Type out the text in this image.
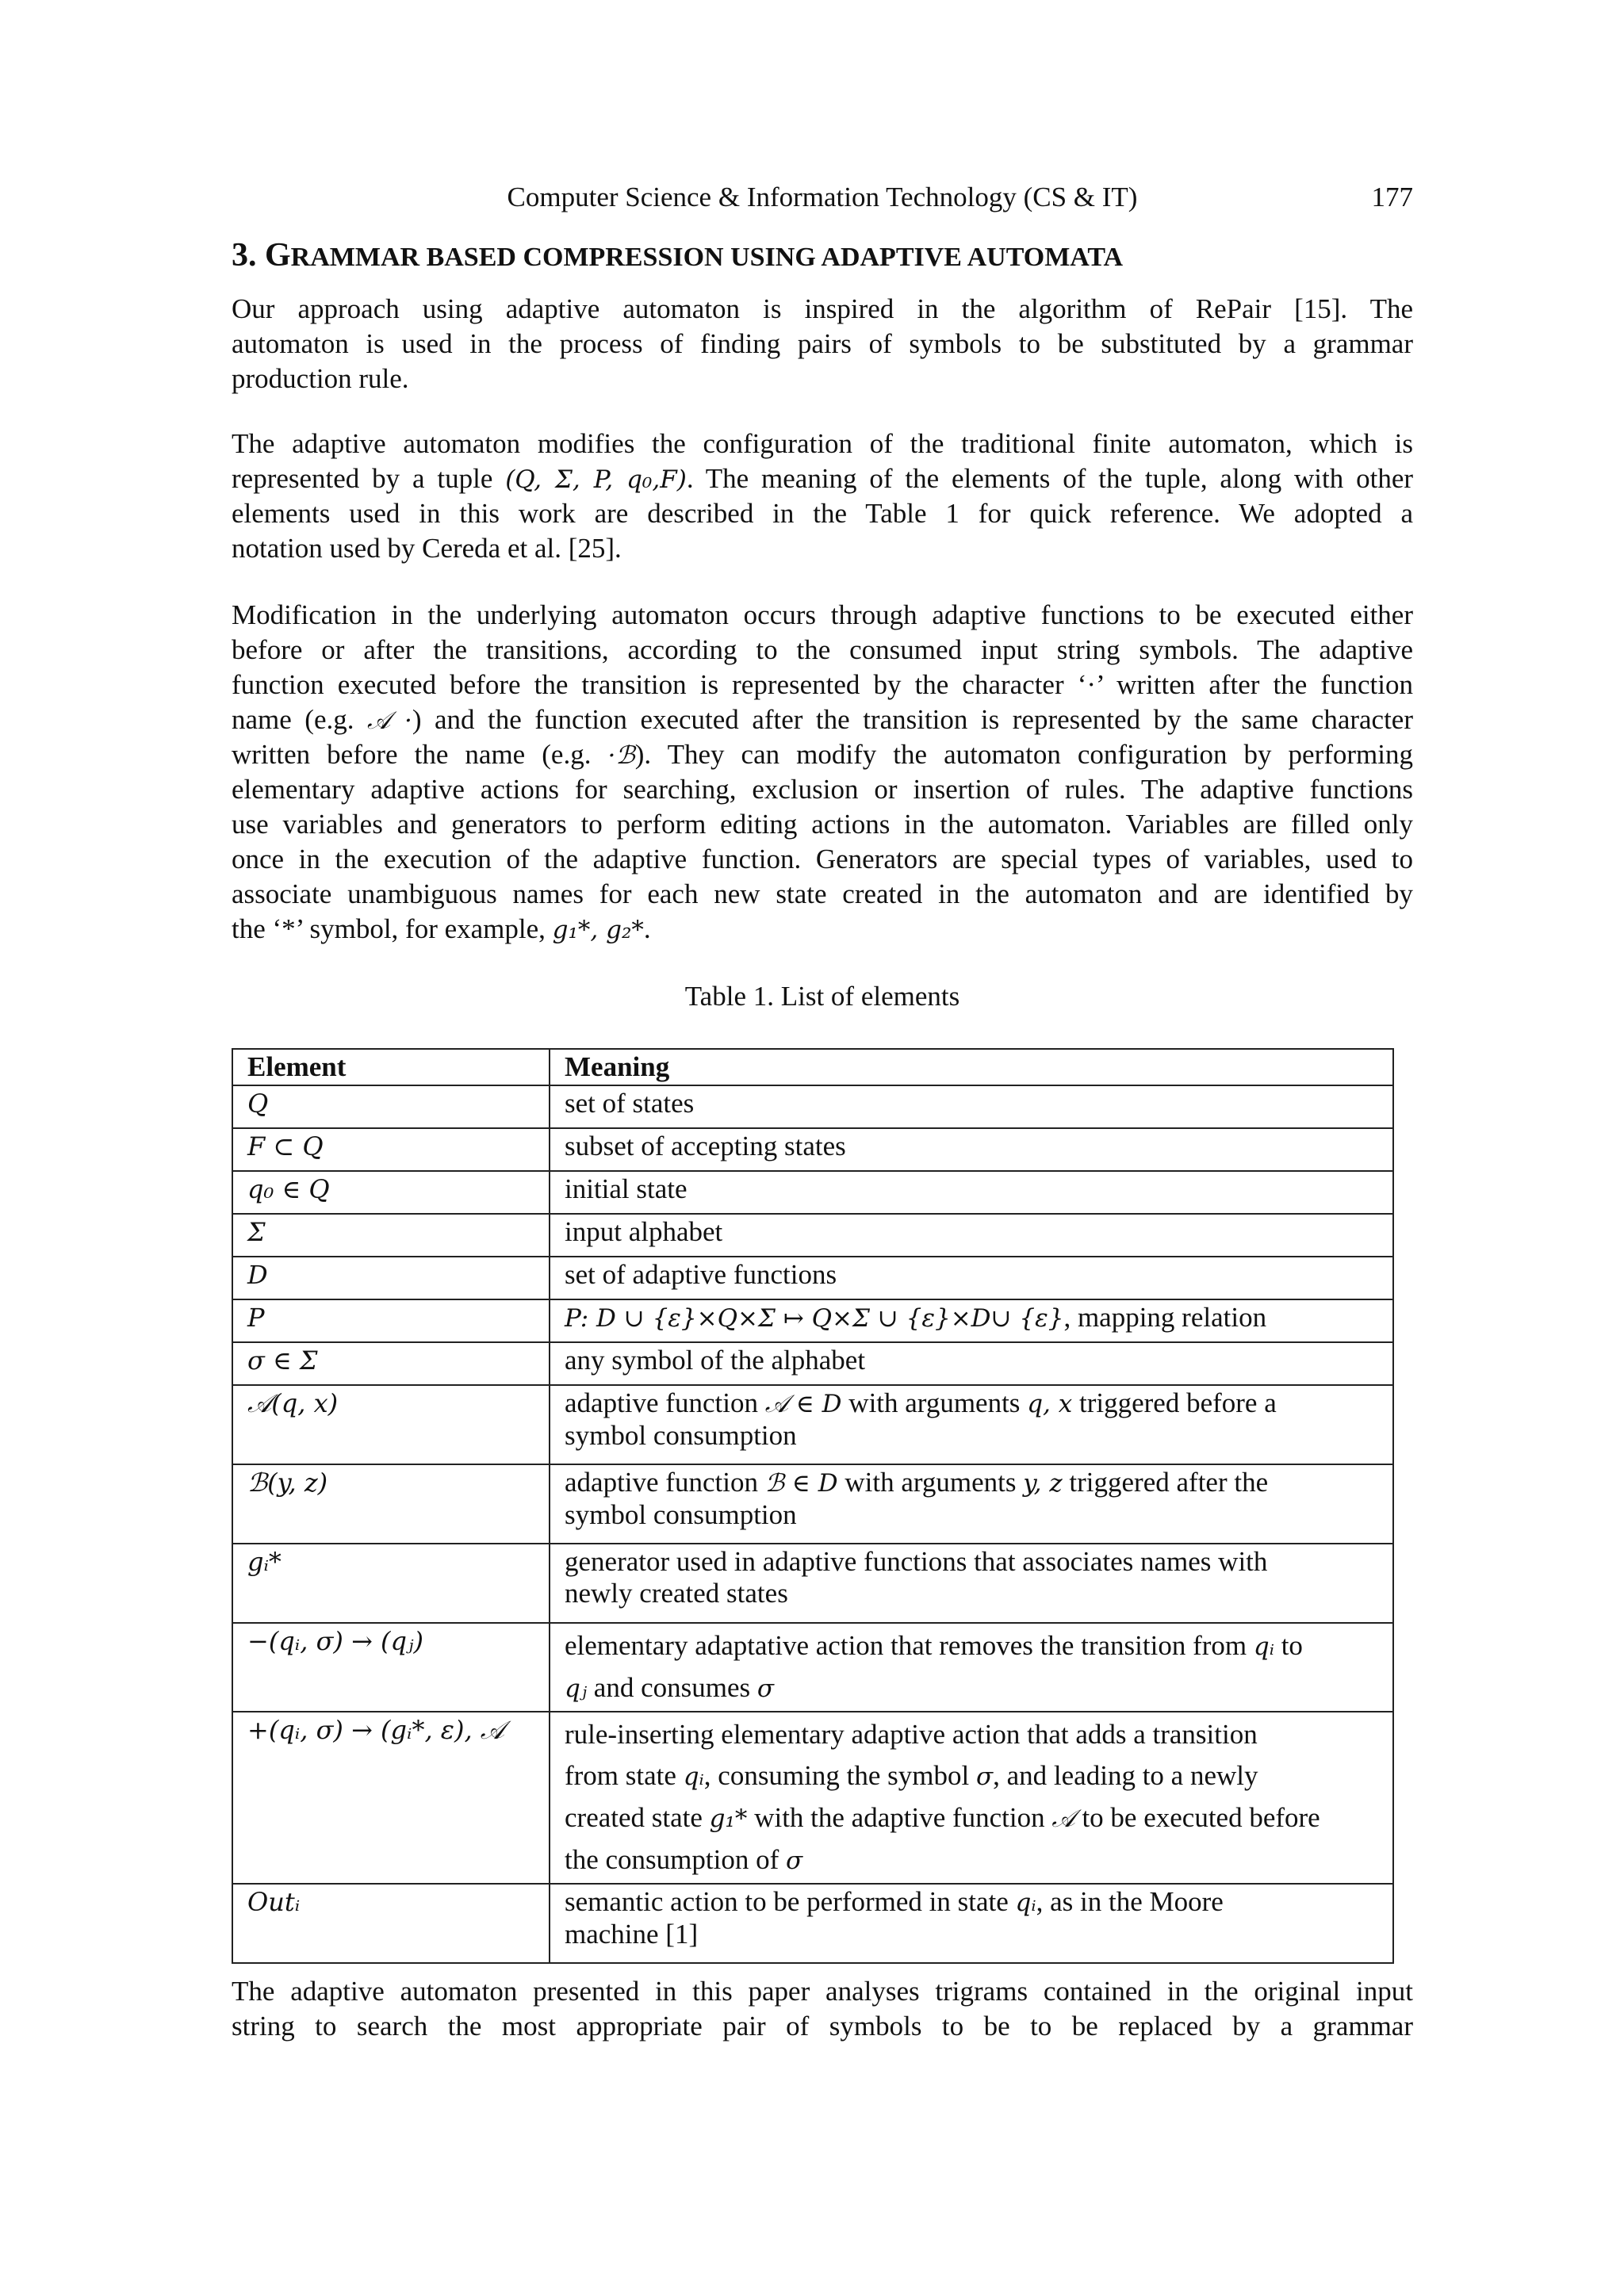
Computer Science & Information Technology (CS & IT)	177
3. GRAMMAR BASED COMPRESSION USING ADAPTIVE AUTOMATA
Our approach using adaptive automaton is inspired in the algorithm of RePair [15]. The
automaton is used in the process of finding pairs of symbols to be substituted by a grammar
production rule.
The adaptive automaton modifies the configuration of the traditional finite automaton, which is
represented by a tuple (Q, Σ, P, q₀,F). The meaning of the elements of the tuple, along with other
elements used in this work are described in the Table 1 for quick reference. We adopted a
notation used by Cereda et al. [25].
Modification in the underlying automaton occurs through adaptive functions to be executed either
before or after the transitions, according to the consumed input string symbols. The adaptive
function executed before the transition is represented by the character ‘·’ written after the function
name (e.g. 𝒜 ·) and the function executed after the transition is represented by the same character
written before the name (e.g. ·ℬ). They can modify the automaton configuration by performing
elementary adaptive actions for searching, exclusion or insertion of rules. The adaptive functions
use variables and generators to perform editing actions in the automaton. Variables are filled only
once in the execution of the adaptive function. Generators are special types of variables, used to
associate unambiguous names for each new state created in the automaton and are identified by
the ‘*’ symbol, for example, g₁*, g₂*.
Table 1. List of elements
Element	Meaning
Q	set of states
F ⊂ Q	subset of accepting states
q₀ ∈ Q	initial state
Σ	input alphabet
D	set of adaptive functions
P	P: D ∪ {ε}×Q×Σ ↦ Q×Σ ∪ {ε}×D∪ {ε}, mapping relation
σ ∈ Σ	any symbol of the alphabet
𝒜(q, x)	adaptive function 𝒜 ∈ D with arguments q, x triggered before a
symbol consumption
ℬ(y, z)	adaptive function ℬ ∈ D with arguments y, z triggered after the
symbol consumption
gᵢ*	generator used in adaptive functions that associates names with
newly created states
−(qᵢ, σ) → (qⱼ)	elementary adaptative action that removes the transition from qᵢ to
qⱼ and consumes σ
+(qᵢ, σ) → (gᵢ*, ε), 𝒜	rule-inserting elementary adaptive action that adds a transition
from state qᵢ, consuming the symbol σ, and leading to a newly
created state g₁* with the adaptive function 𝒜 to be executed before
the consumption of σ
Outᵢ	semantic action to be performed in state qᵢ, as in the Moore
machine [1]
The adaptive automaton presented in this paper analyses trigrams contained in the original input
string to search the most appropriate pair of symbols to be to be replaced by a grammar
